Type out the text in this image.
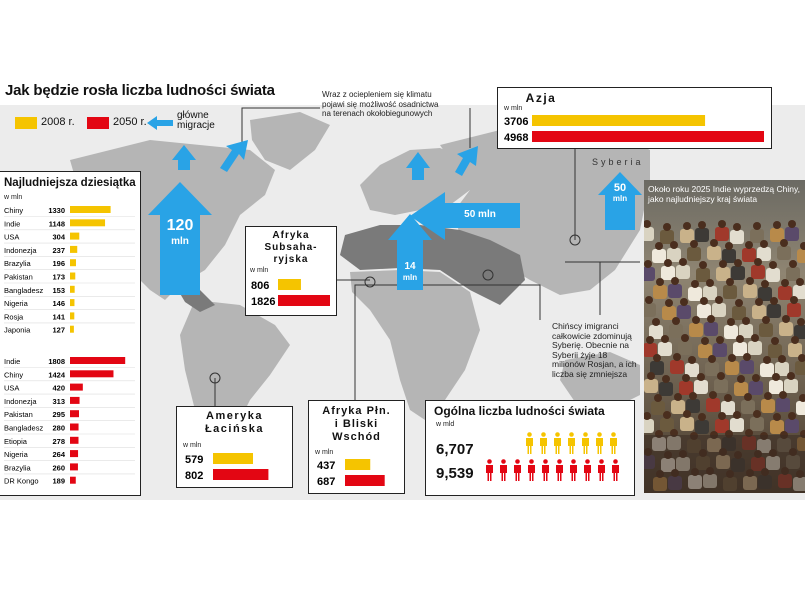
Jak będzie rosła liczba ludności świata
2008 r.	2050 r.
główne migracje
Wraz z ociepleniem się klimatu pojawi się możliwość osadnictwa na terenach okołobiegunowych
Chińscy imigranci całkowicie zdominują Syberię. Obecnie na Syberii żyje 18 milionów Rosjan, a ich liczba się zmniejsza
Syberia
120
mln
50 mln
14
mln
50
mln
Najludniejsza dziesiątka
w mln
Chiny	1330
Indie	1148
USA	304
Indonezja 237
Brazylia	196
Pakistan	173
Bangladesz 153
Nigeria	146
Rosja	141
Japonia	127
Indie	1808
Chiny	1424
USA	420
Indonezja 313
Pakistan	295
Bangladesz 280
Etiopia	278
Nigeria	264
Brazylia	260
DR Kongo 189
Azja
w mln
3706
4968
Afryka
Subsaha-
ryjska
w mln
806
1826
Ameryka
Łacińska
w mln
579
802
Afryka Płn.
i Bliski
Wschód
w mln
437
687
Ogólna liczba ludności świata
w mld
6,707
9,539
Około roku 2025 Indie wyprzedzą Chiny, jako najludniejszy kraj świata
